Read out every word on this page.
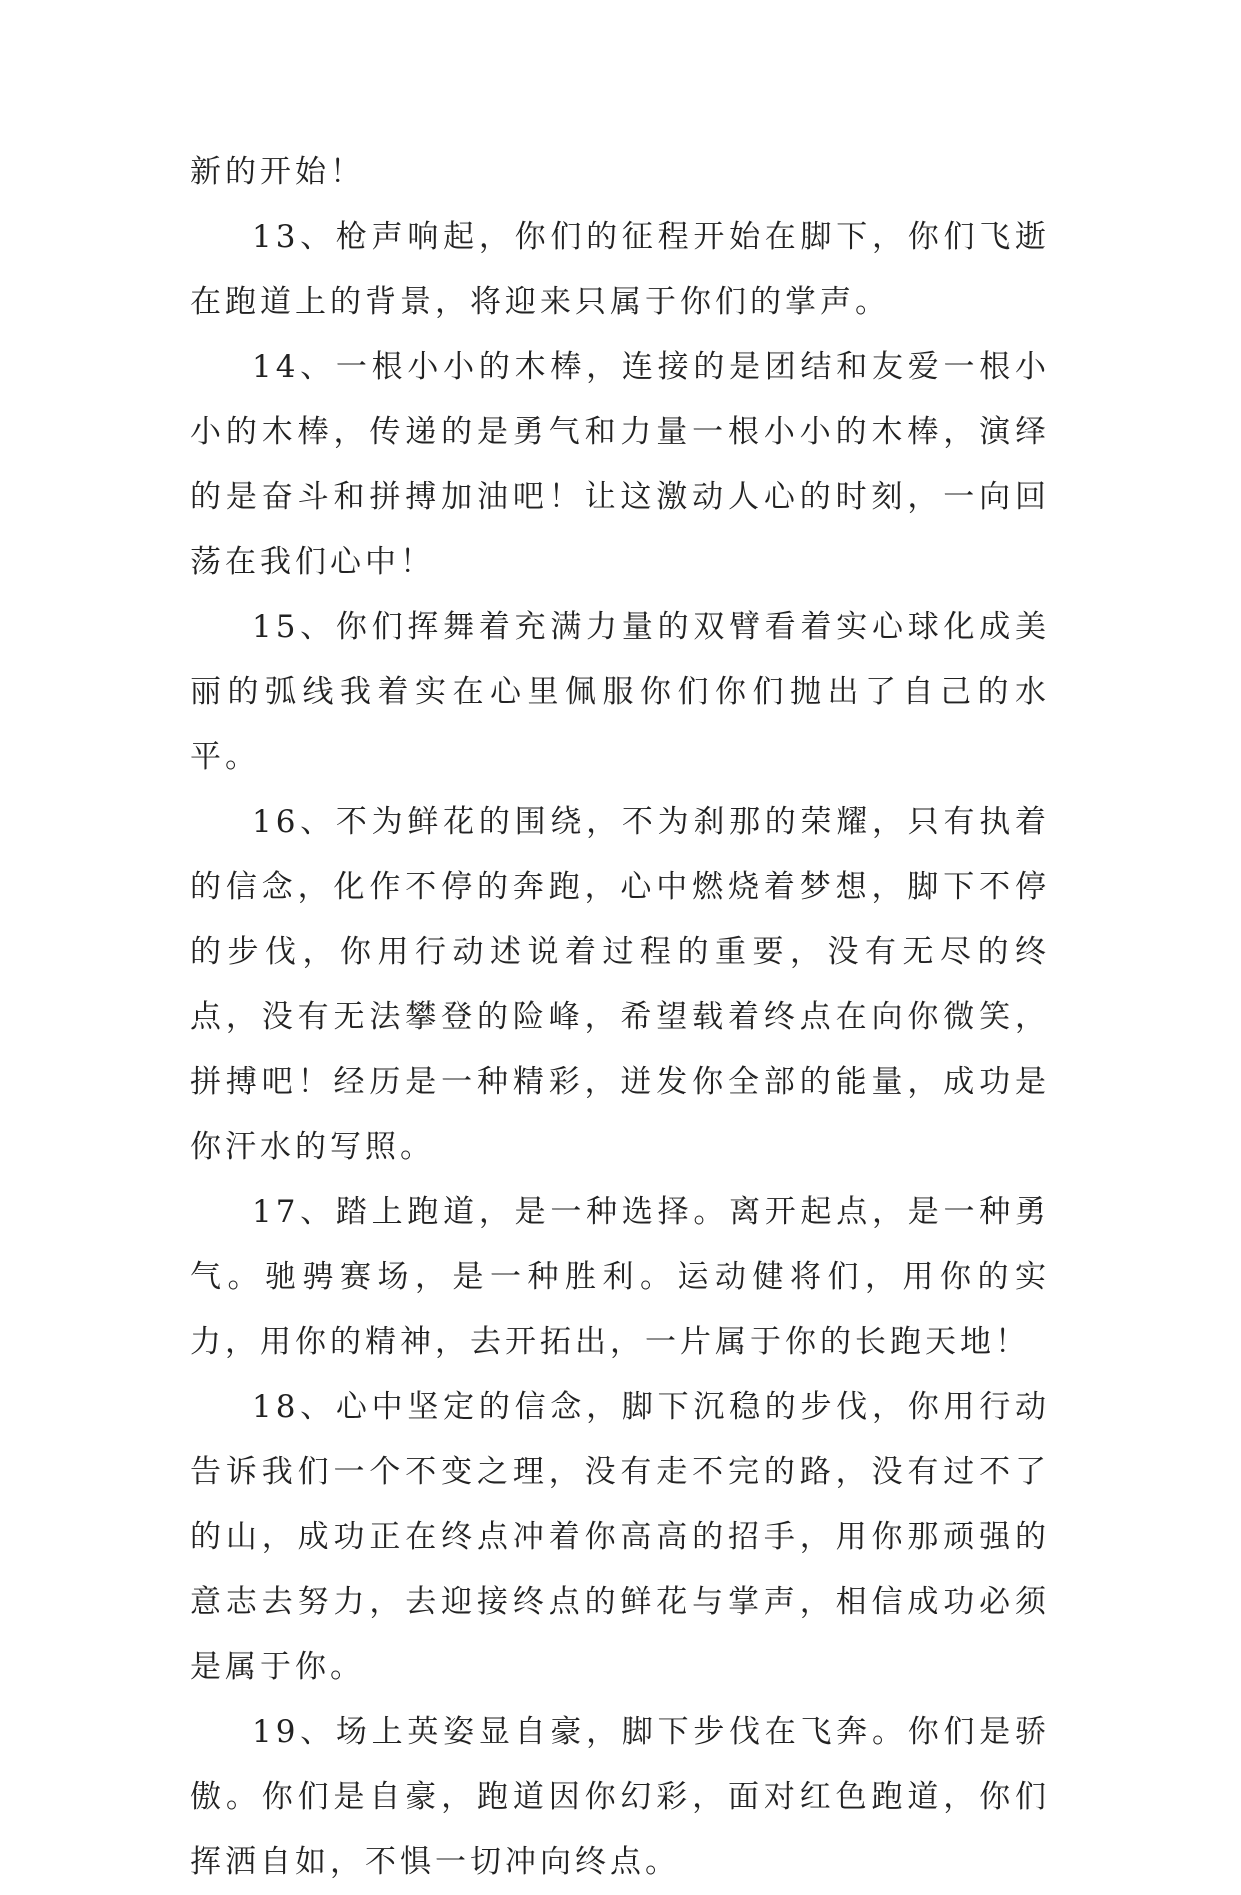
新的开始！

13、枪声响起，你们的征程开始在脚下，你们飞逝在跑道上的背景，将迎来只属于你们的掌声。

14、一根小小的木棒，连接的是团结和友爱一根小小的木棒，传递的是勇气和力量一根小小的木棒，演绎的是奋斗和拼搏加油吧！让这激动人心的时刻，一向回荡在我们心中！

15、你们挥舞着充满力量的双臂看着实心球化成美丽的弧线我着实在心里佩服你们你们抛出了自己的水平。

16、不为鲜花的围绕，不为刹那的荣耀，只有执着的信念，化作不停的奔跑，心中燃烧着梦想，脚下不停的步伐，你用行动述说着过程的重要，没有无尽的终点，没有无法攀登的险峰，希望载着终点在向你微笑，拼搏吧！经历是一种精彩，迸发你全部的能量，成功是你汗水的写照。

17、踏上跑道，是一种选择。离开起点，是一种勇气。驰骋赛场，是一种胜利。运动健将们，用你的实力，用你的精神，去开拓出，一片属于你的长跑天地！

18、心中坚定的信念，脚下沉稳的步伐，你用行动告诉我们一个不变之理，没有走不完的路，没有过不了的山，成功正在终点冲着你高高的招手，用你那顽强的意志去努力，去迎接终点的鲜花与掌声，相信成功必须是属于你。

19、场上英姿显自豪，脚下步伐在飞奔。你们是骄傲。你们是自豪，跑道因你幻彩，面对红色跑道，你们挥洒自如，不惧一切冲向终点。
